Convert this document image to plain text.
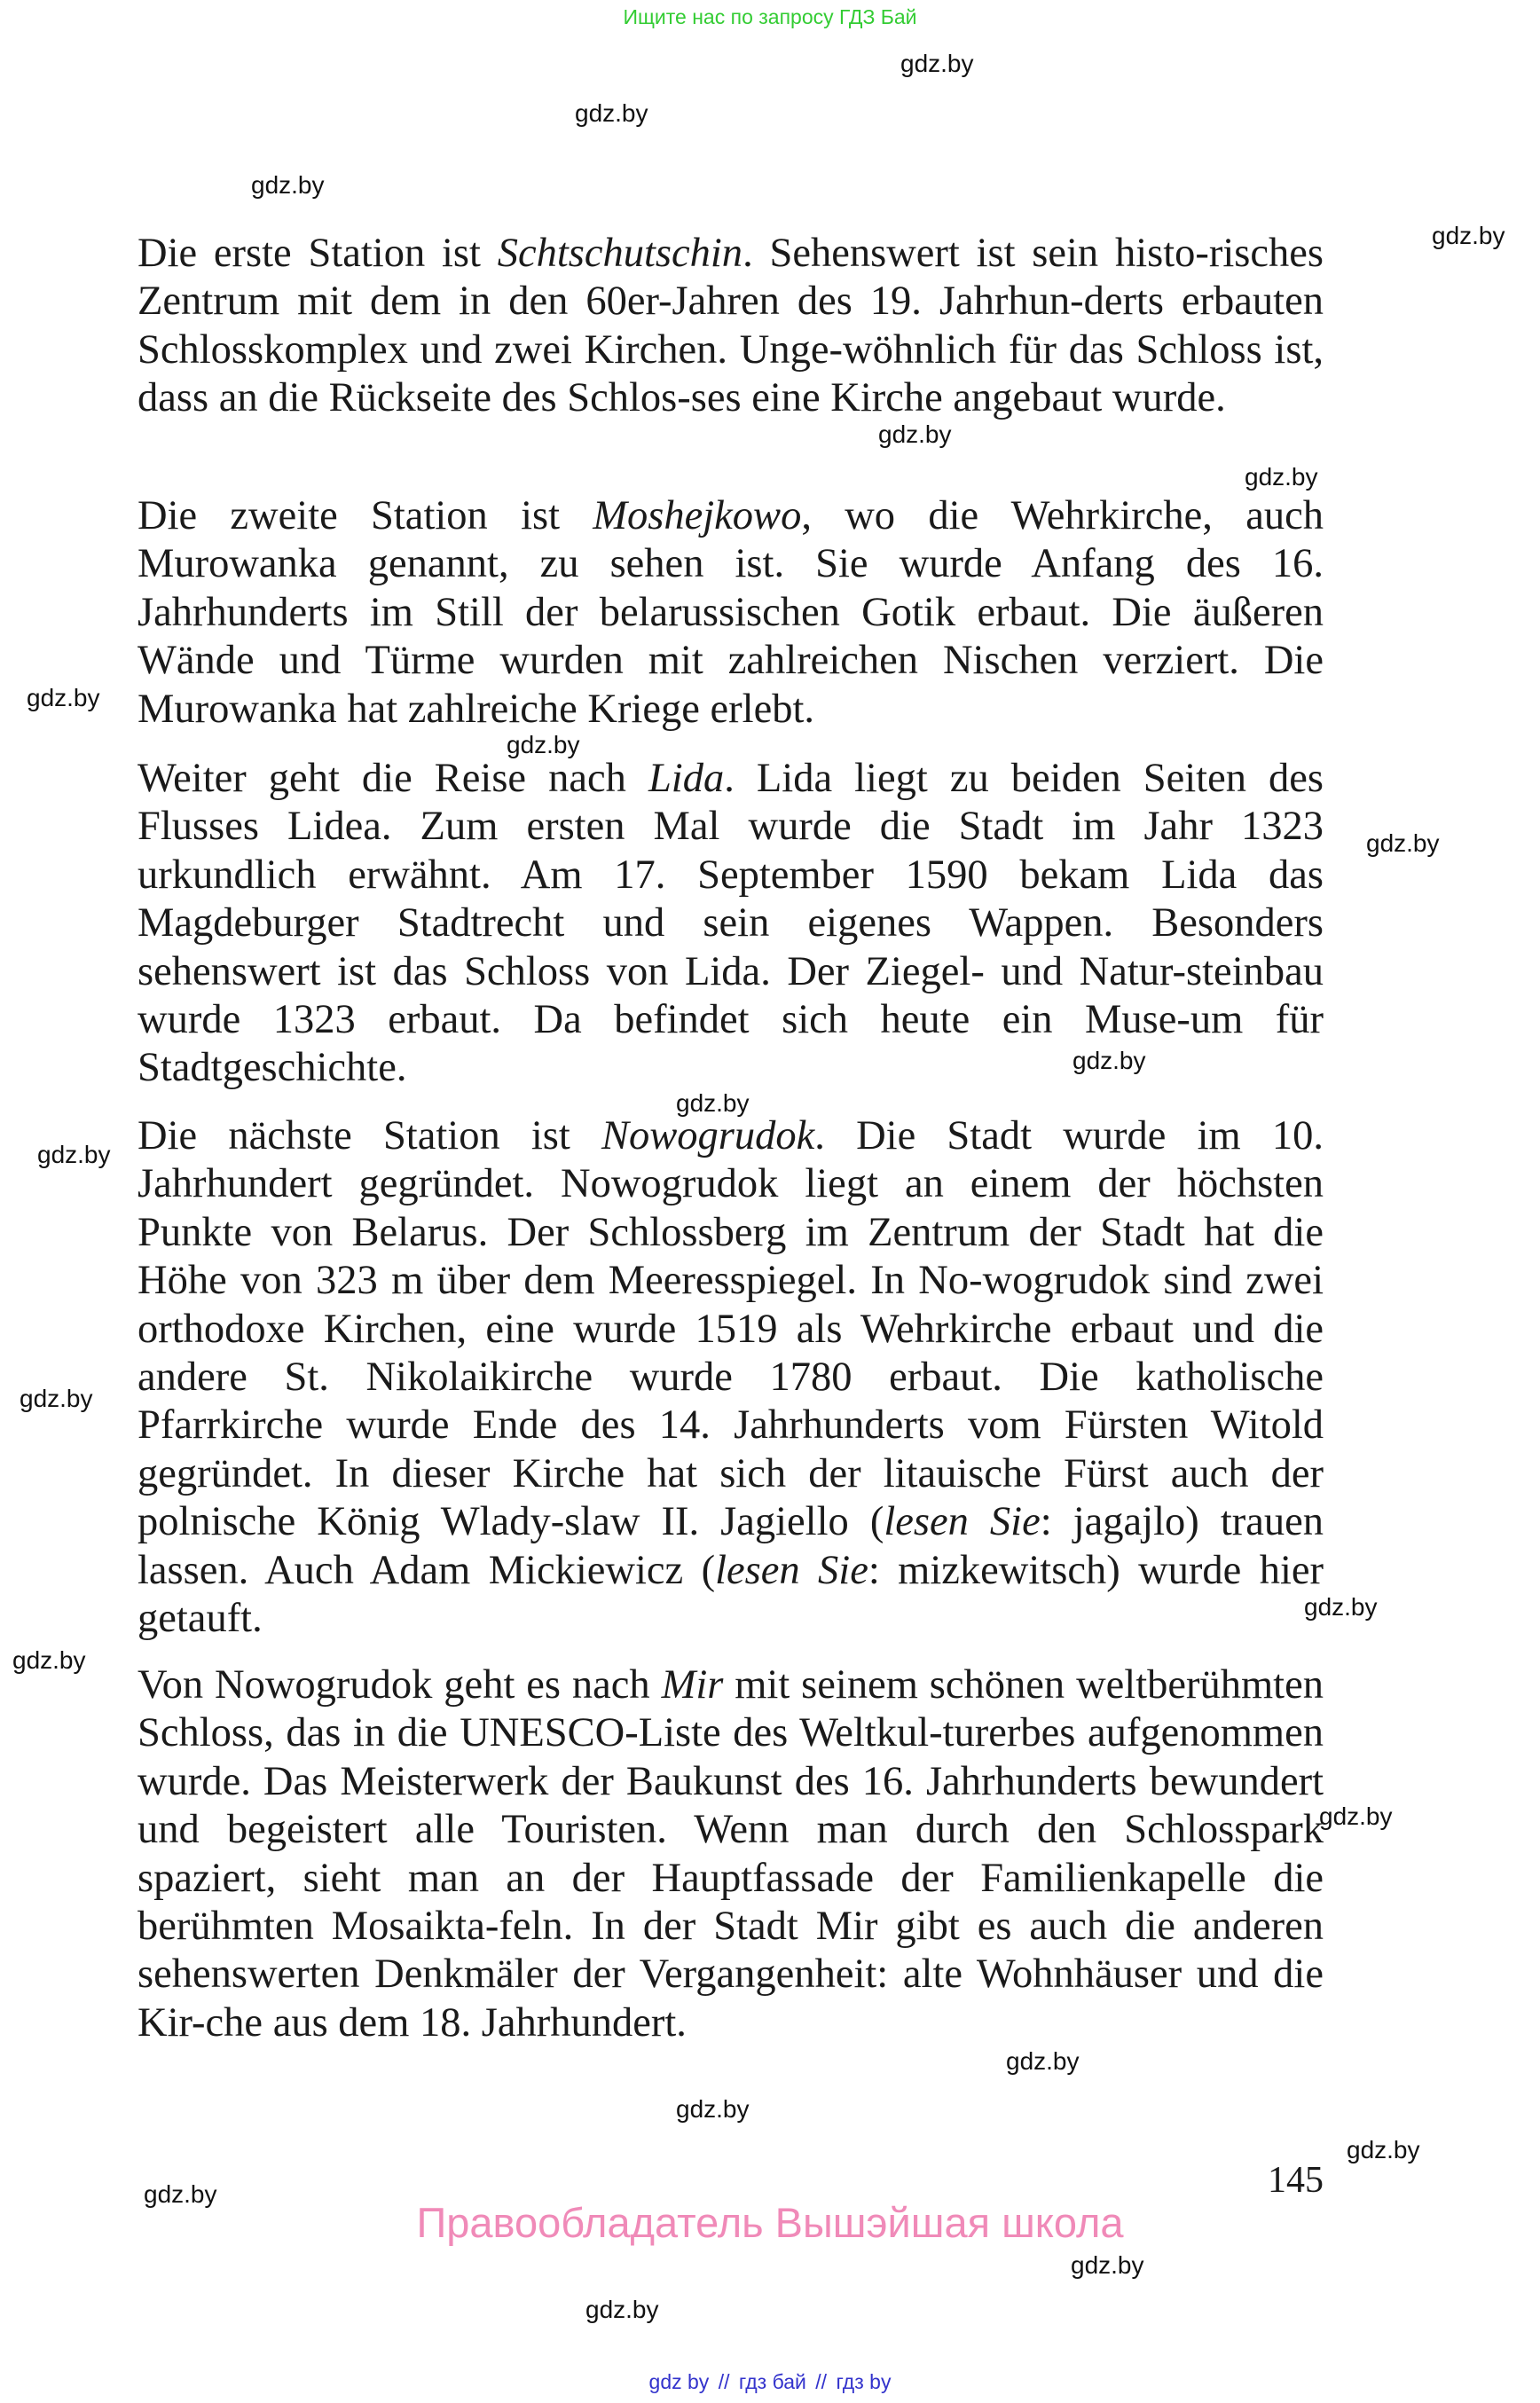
Ищите нас по запросу ГДЗ Бай
gdz.by
gdz.by
gdz.by
gdz.by
gdz.by
gdz.by
gdz.by
gdz.by
gdz.by
gdz.by
gdz.by
gdz.by
gdz.by
gdz.by
gdz.by
gdz.by
gdz.by
gdz.by
gdz.by
gdz.by
gdz.by
gdz.by

Die erste Station ist Schtschutschin. Sehenswert ist sein histo-risches Zentrum mit dem in den 60er-Jahren des 19. Jahrhun-derts erbauten Schlosskomplex und zwei Kirchen. Unge-wöhnlich für das Schloss ist, dass an die Rückseite des Schlos-ses eine Kirche angebaut wurde.

Die zweite Station ist Moshejkowo, wo die Wehrkirche, auch Murowanka genannt, zu sehen ist. Sie wurde Anfang des 16. Jahrhunderts im Still der belarussischen Gotik erbaut. Die äußeren Wände und Türme wurden mit zahlreichen Nischen verziert. Die Murowanka hat zahlreiche Kriege erlebt.

Weiter geht die Reise nach Lida. Lida liegt zu beiden Seiten des Flusses Lidea. Zum ersten Mal wurde die Stadt im Jahr 1323 urkundlich erwähnt. Am 17. September 1590 bekam Lida das Magdeburger Stadtrecht und sein eigenes Wappen. Besonders sehenswert ist das Schloss von Lida. Der Ziegel- und Natur-steinbau wurde 1323 erbaut. Da befindet sich heute ein Muse-um für Stadtgeschichte.

Die nächste Station ist Nowogrudok. Die Stadt wurde im 10. Jahrhundert gegründet. Nowogrudok liegt an einem der höchsten Punkte von Belarus. Der Schlossberg im Zentrum der Stadt hat die Höhe von 323 m über dem Meeresspiegel. In No-wogrudok sind zwei orthodoxe Kirchen, eine wurde 1519 als Wehrkirche erbaut und die andere St. Nikolaikirche wurde 1780 erbaut. Die katholische Pfarrkirche wurde Ende des 14. Jahrhunderts vom Fürsten Witold gegründet. In dieser Kirche hat sich der litauische Fürst auch der polnische König Wlady-slaw II. Jagiello (lesen Sie: jagajlo) trauen lassen. Auch Adam Mickiewicz (lesen Sie: mizkewitsch) wurde hier getauft.

Von Nowogrudok geht es nach Mir mit seinem schönen weltberühmten Schloss, das in die UNESCO-Liste des Weltkul-turerbes aufgenommen wurde. Das Meisterwerk der Baukunst des 16. Jahrhunderts bewundert und begeistert alle Touristen. Wenn man durch den Schlosspark spaziert, sieht man an der Hauptfassade der Familienkapelle die berühmten Mosaikta-feln. In der Stadt Mir gibt es auch die anderen sehenswerten Denkmäler der Vergangenheit: alte Wohnhäuser und die Kir-che aus dem 18. Jahrhundert.

145
Правообладатель Вышэйшая школа
gdz by // гдз бай // гдз by
